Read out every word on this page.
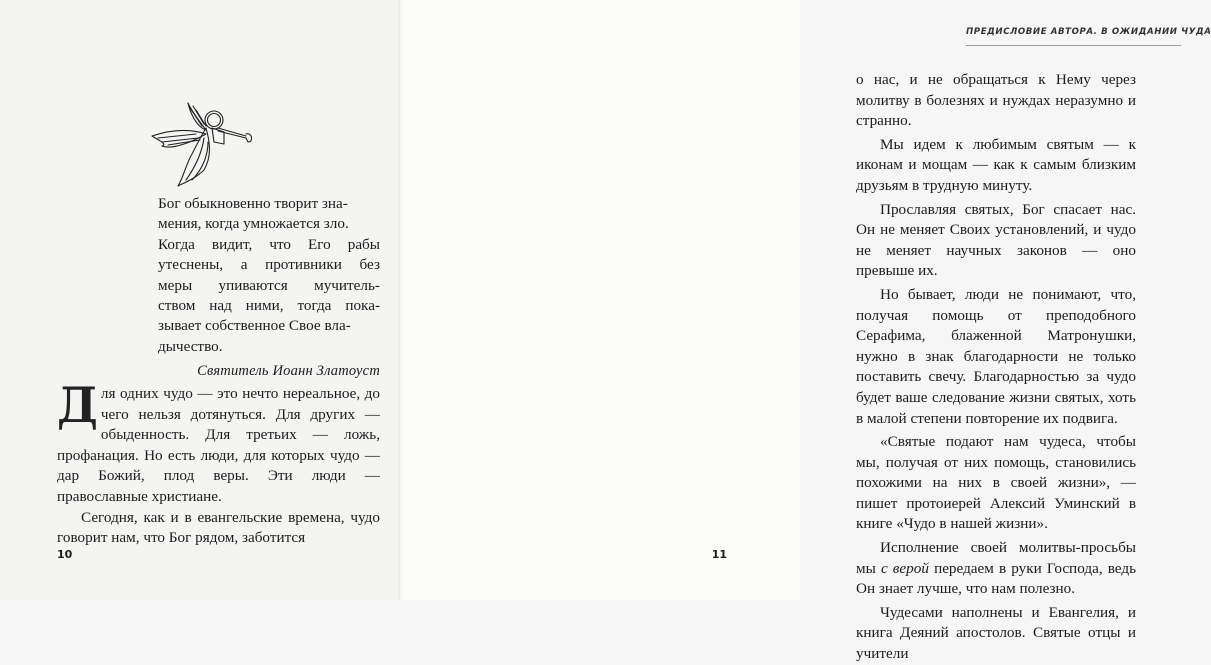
Бог обыкновенно творит зна-

мения, когда умножается зло.

Когда видит, что Его рабы

утеснены, а противники без

меры упиваются мучитель-

ством над ними, тогда пока-

зывает собственное Свое вла-

дычество.

Святитель Иоанн Златоуст

Для одних чудо — это нечто нереальное, до чего нельзя дотянуться. Для других — обыденность. Для третьих — ложь, профанация. Но есть люди, для которых чудо — дар Божий, плод веры. Эти люди — православные христиане.

Сегодня, как и в евангельские времена, чудо говорит нам, что Бог рядом, заботится

10
ПРЕДИСЛОВИЕ АВТОРА. В ОЖИДАНИИ ЧУДА

о нас, и не обращаться к Нему через молитву в болезнях и нуждах неразумно и странно.

Мы идем к любимым святым — к иконам и мощам — как к самым близким друзьям в трудную минуту.

Прославляя святых, Бог спасает нас. Он не меняет Своих установлений, и чудо не меняет научных законов — оно превыше их.

Но бывает, люди не понимают, что, получая помощь от преподобного Серафима, блаженной Матронушки, нужно в знак благодарности не только поставить свечу. Благодарностью за чудо будет ваше следование жизни святых, хоть в малой степени повторение их подвига.

«Святые подают нам чудеса, чтобы мы, получая от них помощь, становились похожими на них в своей жизни», — пишет протоиерей Алексий Уминский в книге «Чудо в нашей жизни».

Исполнение своей молитвы-просьбы мы с верой передаем в руки Господа, ведь Он знает лучше, что нам полезно.

Чудесами наполнены и Евангелия, и книга Деяний апостолов. Святые отцы и учители

11
